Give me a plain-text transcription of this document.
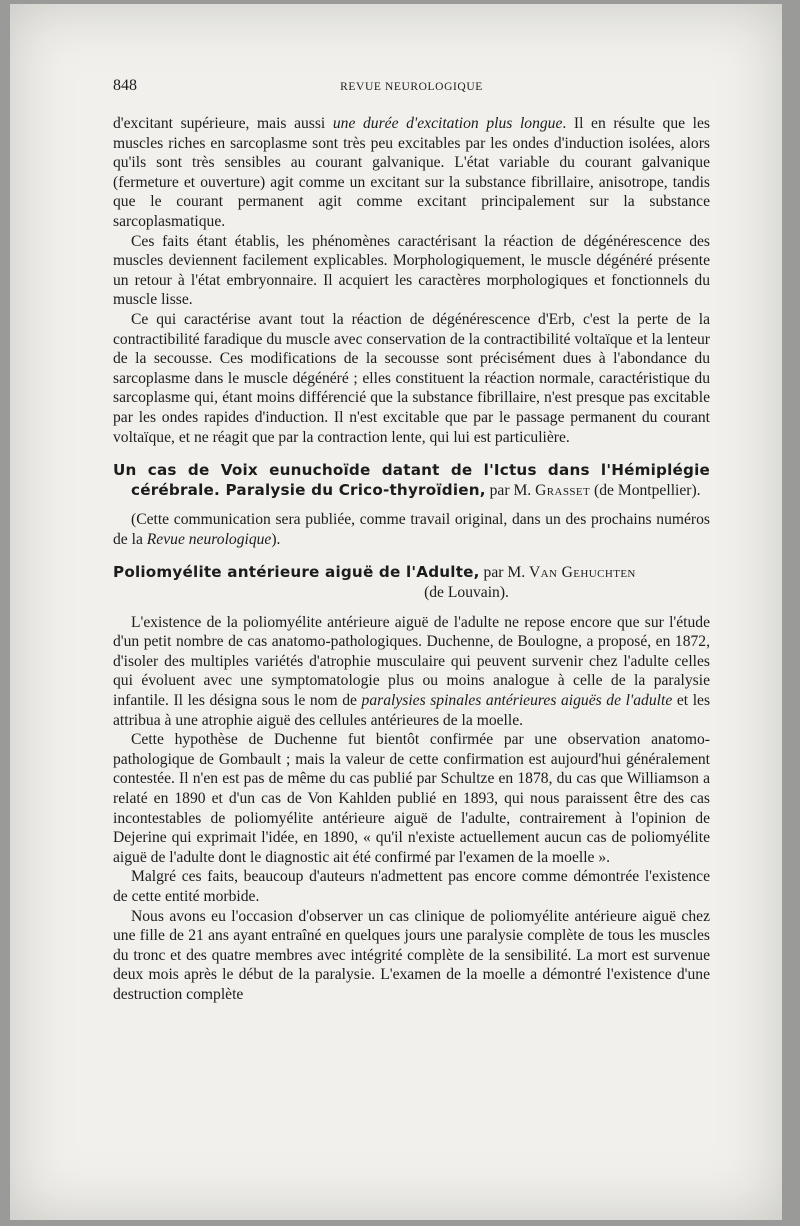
848	REVUE NEUROLOGIQUE

d'excitant supérieure, mais aussi une durée d'excitation plus longue. Il en résulte que les muscles riches en sarcoplasme sont très peu excitables par les ondes d'induction isolées, alors qu'ils sont très sensibles au courant galvanique. L'état variable du courant galvanique (fermeture et ouverture) agit comme un excitant sur la substance fibrillaire, anisotrope, tandis que le courant permanent agit comme excitant principalement sur la substance sarcoplasmatique.

Ces faits étant établis, les phénomènes caractérisant la réaction de dégénérescence des muscles deviennent facilement explicables. Morphologiquement, le muscle dégénéré présente un retour à l'état embryonnaire. Il acquiert les caractères morphologiques et fonctionnels du muscle lisse.

Ce qui caractérise avant tout la réaction de dégénérescence d'Erb, c'est la perte de la contractibilité faradique du muscle avec conservation de la contractibilité voltaïque et la lenteur de la secousse. Ces modifications de la secousse sont précisément dues à l'abondance du sarcoplasme dans le muscle dégénéré ; elles constituent la réaction normale, caractéristique du sarcoplasme qui, étant moins différencié que la substance fibrillaire, n'est presque pas excitable par les ondes rapides d'induction. Il n'est excitable que par le passage permanent du courant voltaïque, et ne réagit que par la contraction lente, qui lui est particulière.

Un cas de Voix eunuchoïde datant de l'Ictus dans l'Hémiplégie cérébrale. Paralysie du Crico-thyroïdien, par M. Grasset (de Montpellier).

(Cette communication sera publiée, comme travail original, dans un des prochains numéros de la Revue neurologique).

Poliomyélite antérieure aiguë de l'Adulte, par M. Van Gehuchten

(de Louvain).

L'existence de la poliomyélite antérieure aiguë de l'adulte ne repose encore que sur l'étude d'un petit nombre de cas anatomo-pathologiques. Duchenne, de Boulogne, a proposé, en 1872, d'isoler des multiples variétés d'atrophie musculaire qui peuvent survenir chez l'adulte celles qui évoluent avec une symptomatologie plus ou moins analogue à celle de la paralysie infantile. Il les désigna sous le nom de paralysies spinales antérieures aiguës de l'adulte et les attribua à une atrophie aiguë des cellules antérieures de la moelle.

Cette hypothèse de Duchenne fut bientôt confirmée par une observation anatomo-pathologique de Gombault ; mais la valeur de cette confirmation est aujourd'hui généralement contestée. Il n'en est pas de même du cas publié par Schultze en 1878, du cas que Williamson a relaté en 1890 et d'un cas de Von Kahlden publié en 1893, qui nous paraissent être des cas incontestables de poliomyélite antérieure aiguë de l'adulte, contrairement à l'opinion de Dejerine qui exprimait l'idée, en 1890, « qu'il n'existe actuellement aucun cas de poliomyélite aiguë de l'adulte dont le diagnostic ait été confirmé par l'examen de la moelle ».

Malgré ces faits, beaucoup d'auteurs n'admettent pas encore comme démontrée l'existence de cette entité morbide.

Nous avons eu l'occasion d'observer un cas clinique de poliomyélite antérieure aiguë chez une fille de 21 ans ayant entraîné en quelques jours une paralysie complète de tous les muscles du tronc et des quatre membres avec intégrité complète de la sensibilité. La mort est survenue deux mois après le début de la paralysie. L'examen de la moelle a démontré l'existence d'une destruction complète
